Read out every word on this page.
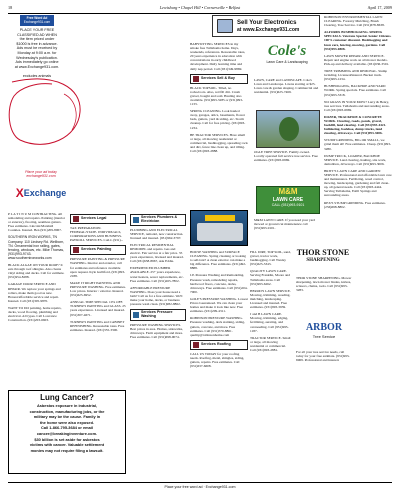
18	Lewisburg • Chapel Hill • Cornersville • Belfast	April 17, 2009
Sell Your Electronics
at www.Exchange931.com
Free Word Ad
Exchange931.com
PLACE YOUR FREE
CLASSIFIED AD WHEN
the item priced under
$1000 is free in advance.
Ads must be received by
Monday at 9:00 a.m. for
Wednesday's publication.
Ads immediately go online
at www.Exchange931.com.

excludes animals
Place your ad today
exchange931.com
X Exchange

P L A T I N U M CONTRACTING. All remodeling and repairs. Painting (interior or exterior), flooring, seamless gutters. Free estimates. Lincoln/Marshall Counties. Insured. Ben (931)209-8067.

SOUTHERN IRON WORKS, TN Company. 110 Lindsey Rd. Wellborn, TN. Ornamental iron railing, gates, fencing, windows, etc. Mike Thomas, (931)993-9743. www.southernironworks.com

BLACK ALGAE ON YOUR ROOF? It eats through roof shingles. Also cleans vinyl siding and decks. Call for estimate. (931)954-8288.

GARAGE DOOR SERVICE AND REPAIR. We replace your springs and rollers, make them good as new. Honest/affordable service and repair. Insured. Call (931)305-9870.

WANT TO DO painting, home repairs, decks, wood flooring, plumbing and electrical. All types. Call Lowrance Construction. (931)203-6603.

Lung Cancer?
Asbestos exposure in industrial,
construction, manufacturing jobs, or the
military may be the cause. Family in
the home were also exposed.
Call 1-866-795-3684 or email
cancer@breakinginventure.com.
$30 billion is set aside for asbestos
victims with cancer. Valuable settlement
monies may not require filing a lawsuit.
Services Legal

TAX PREPARATION. FEDERAL/STATE. INDIVIDUALS, CORPORATIONS AND BUSINESS. PAYROLL SERVICES. CALL (931)...

Services Painting

PRESSURE PAINTING & PRESSURE WASHING. Interior and exterior, call for estimates and reference available upon request. Kyle Gulliford, (931)993-2188.

MAKE IT RIGHT PAINTING AND PRESSURE WASHING. Free estimates. Low prices. Interior / exterior. Insured. (931)625-6952.

ANNUAL TIME SPECIAL 10% OFF. TURNER'S PAINTING and GLASS. 25 years experience. Licensed and insured. (931)307-4671.

TURNER'S PAINTING and CABINET REFINISHING. Reasonable rates. Free estimates. Insured. (931)355-3300.

Services Plumbers & Electrician

PLUMBING AND ELECTRICAL SERVICE, remodel, new construction. licensed and insured. (931)962-3797.

ELECTRICAL RESIDENTIAL REMODEL and repairs. Gas and electric. Fair service at a fair price. 35 years experience, licensed and insured. Call (931)638-8967, Ask Eddie.

EXPERIENCED PLUMBER AVAILABLE. 25+ years experience, water heaters, sewer replacements, etc. Free estimates. Call (931)265-7802.

AFFORDABLE PRESSURE WASHING. Does your house need a bath? Call us for a free estimate. We'll make your home, decks, or business pressure wash clean. (931)982-8862.

Services Pressure Washing

PRESSURE WASHING SERVICES. Best prices in area. Homes, sidewalks, driveways. Farm equipment and more. Free estimates. Call (931)698-9074.

HOUSE WASHING and SURFACE CLEANING. Spring cleaning or looking to sell/rent? A clean exterior can make a big difference. Free estimates. (931)492-8888.

J.P. Pressure Washing and Remodeling. Pressure wash, remodeling repairs, hardwood floors, concrete, decks, driveways. Free estimates. Call (931)204-7000.

GOLE'S PRESSURE WASHING. Lowest Prices Guaranteed. We can clean your homes and make it look like new. Free estimates. (931)209-4311.

ROBINSON PRESSURE WASHING. Pressure washing, deck staining, siding, gutters, concrete, and more. Free estimates. Call (931)570-8861. quality@robinsonhome.com

Services Roofing

CALL US TODAY for your roofing needs. Roofing, metal, shingles, siding, gutters, repairs. Free estimates. Call (931)637-6608.

BABYSITTING SERVICES in my smoke free Tullahoma home. Days, weekends, references. Reasonable rates, 20 years experience in education with concentrations in early childhood development. Daily learning time and daily nap period. Call (931)349-9869.

Services Sell & Buy

BLACK TOPSOIL. Tilled, no rocks/roots. Also, red fill dirt. Crush gravel, bought and sold. Hauling also available. (931)993-3285 or (931)993-1133.

SPRING CLEANING. Look hauled away, garages, attics, basements, flower beds, gutters, yard & siding, etc. Storm cleanup. Call for free pricing. (931)993-1234.

BE TRACTOR SERVICES. Have small or large, all mowing residential or commercial, bushhogging, spreading rock and dirt, fence line clean up, and tilling. Call (931)993-2888.

FILL DIRT, TOP SOIL, sand, gravel, tractor work, bushhogging. Call Wesley (931)625-3343.

QUALITY LAWN CARE. Serving Franklin, Moore and Tullahoma areas. Call (931)993-6262.

HEROD'S LAWN SERVICE. Mowing, trimming, weeding, mulching, landscaping. Licensed and insured. Free estimates. (931)993-3939.

J and B LAWN CARE. Mowing, trimming, edging, fertilizing, aerating, and overseeding. Call (931)993-1187.

TRACTOR SERVICE. Small or large, all mowing residential or commercial. Call (931)993-2881.

Cole's
Lawn Care & Landscaping

LAWN, CARE and LANDSCAPE. Cole's Lawn and Landscape. Lawns starting at $25. Lawn care & garden shaping. Commercial and residential. (931)625-7469.

OGLE TREE SERVICE. Family owned. Locally operated full service tree service. Free estimates. (931)993-6969.

M&M
LAWN CARE
CALL (931)993-9101

M&M LAWN CARE. If you need your yard mowed or ground cut maintenance call (931)993-9101.

THOR STONE
SHARPENING

THOR STONE SHARPENING. Mower sharpening, lawn mower blades, knives, scissors, chains, tools. Call (931)993-3283.

ARBOR
Tree Service

For all your tree service needs, call today for your free estimate. (931)993-6969. Professional and insured.

ROBINSON ENVIRONMENTAL LAWN CLEARING. Forestry Mulching, Brush Clearing, Tree Service. Call (931)678-8638.

ALFORDS BUSHHOGGING. SPRING SPECIALS. Veterans Special. Senior Citizens. 100% customer discount. Bushhogging and lawn care, fencing, mowing, gardens. Call (931)993-0808.

LAWN MOWER REPAIR AND SERVICE. Repair and engine work on all mower models. Pick-up and delivery available. (931)636-3501.

TREE TRIMMING AND REMOVAL. Stump Grinding. Licensed/insured. Bucket truck. (931)993-1234.

BUSHHOGGING, BACKHOE AND YARD WORK. Spring specials. Free estimates. Call (931)993-3318.

NO GRASS IN YOUR MOW? Larry & Henry, tree services. Tullahoma and surrounding areas. Call (931)993-6969.

DOZER, TRACKHOE & CONCRETE WORK. Clearing, roads, ponds, gravel, backfill, land clearing. Call (931)993-4421. bulldozing, backhoe, dump trucks, land clearing, driveways. Call (931)993-3006.

STUMP GRINDING, BIG OR SMALL, we grind them all! Free estimates. Cheap. (931)993-3280.

DUMP TRUCK, LOADER, BACKHOE SERVICE. Land clearing, hauling, site work, demolition, driveways. Call (931)993-3006.

BRITT'S LAWN CARE AND GARDEN SERVICE. Professional and affordable lawn care and maintenance. Fertilizing, weed control, mowing, landscaping, gardening and fall clean-up, all general needs. Call (931)993-4444. Serving Tullahoma, Estill Springs and surrounding areas.

REX'S STUMP GRINDING. Free estimates. (256)698-8802.

Place your free word ad · Exchange931.com
